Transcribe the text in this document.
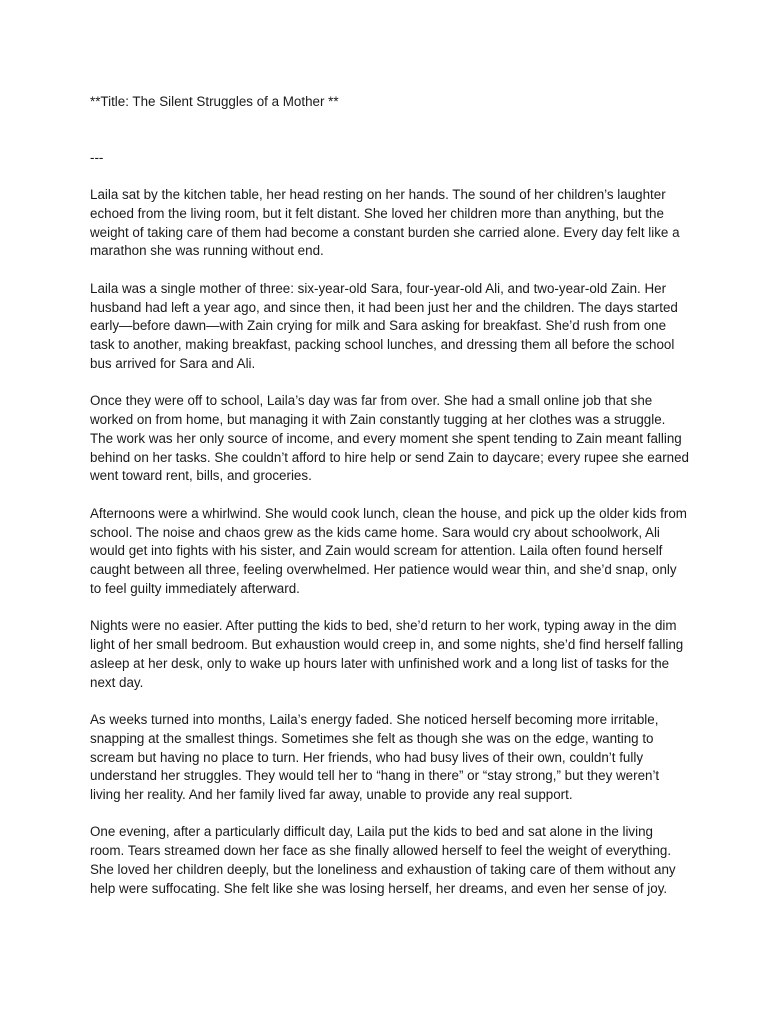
**Title: The Silent Struggles of a Mother **

---

Laila sat by the kitchen table, her head resting on her hands. The sound of her children’s laughter echoed from the living room, but it felt distant. She loved her children more than anything, but the weight of taking care of them had become a constant burden she carried alone. Every day felt like a marathon she was running without end.

Laila was a single mother of three: six-year-old Sara, four-year-old Ali, and two-year-old Zain. Her husband had left a year ago, and since then, it had been just her and the children. The days started early—before dawn—with Zain crying for milk and Sara asking for breakfast. She’d rush from one task to another, making breakfast, packing school lunches, and dressing them all before the school bus arrived for Sara and Ali.

Once they were off to school, Laila’s day was far from over. She had a small online job that she worked on from home, but managing it with Zain constantly tugging at her clothes was a struggle. The work was her only source of income, and every moment she spent tending to Zain meant falling behind on her tasks. She couldn’t afford to hire help or send Zain to daycare; every rupee she earned went toward rent, bills, and groceries.

Afternoons were a whirlwind. She would cook lunch, clean the house, and pick up the older kids from school. The noise and chaos grew as the kids came home. Sara would cry about schoolwork, Ali would get into fights with his sister, and Zain would scream for attention. Laila often found herself caught between all three, feeling overwhelmed. Her patience would wear thin, and she’d snap, only to feel guilty immediately afterward.

Nights were no easier. After putting the kids to bed, she’d return to her work, typing away in the dim light of her small bedroom. But exhaustion would creep in, and some nights, she’d find herself falling asleep at her desk, only to wake up hours later with unfinished work and a long list of tasks for the next day.

As weeks turned into months, Laila’s energy faded. She noticed herself becoming more irritable, snapping at the smallest things. Sometimes she felt as though she was on the edge, wanting to scream but having no place to turn. Her friends, who had busy lives of their own, couldn’t fully understand her struggles. They would tell her to “hang in there” or “stay strong,” but they weren’t living her reality. And her family lived far away, unable to provide any real support.

One evening, after a particularly difficult day, Laila put the kids to bed and sat alone in the living room. Tears streamed down her face as she finally allowed herself to feel the weight of everything. She loved her children deeply, but the loneliness and exhaustion of taking care of them without any help were suffocating. She felt like she was losing herself, her dreams, and even her sense of joy.
